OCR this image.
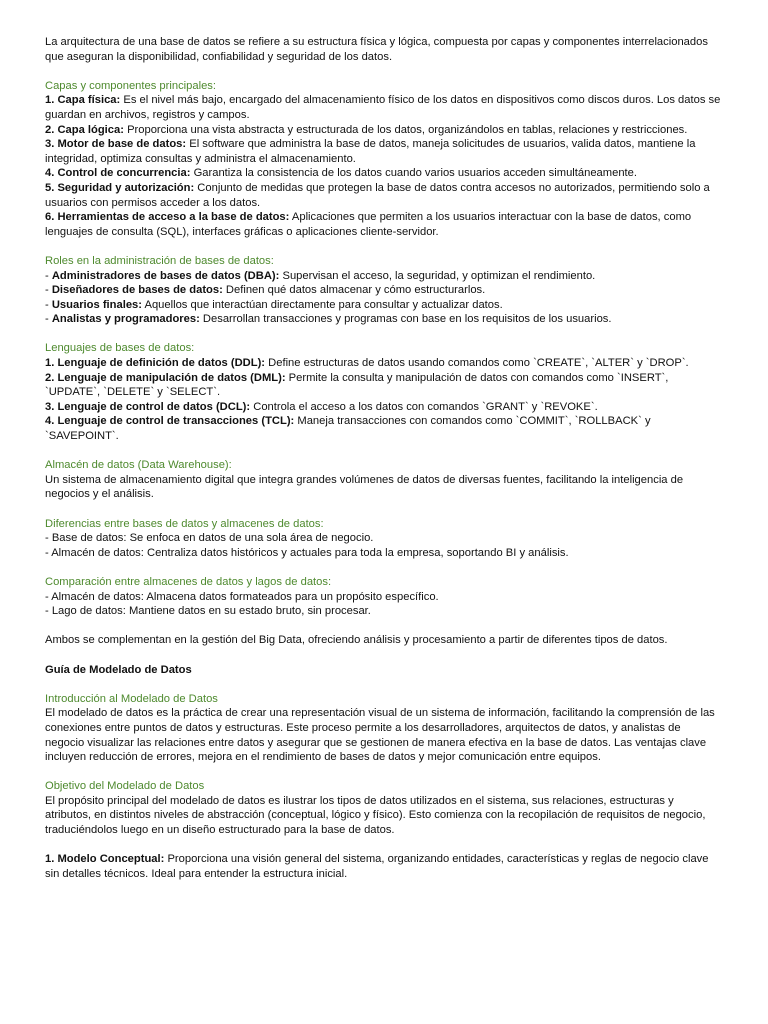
La arquitectura de una base de datos se refiere a su estructura física y lógica, compuesta por capas y componentes interrelacionados que aseguran la disponibilidad, confiabilidad y seguridad de los datos.

Capas y componentes principales:

1. Capa física: Es el nivel más bajo, encargado del almacenamiento físico de los datos en dispositivos como discos duros. Los datos se guardan en archivos, registros y campos.

2. Capa lógica: Proporciona una vista abstracta y estructurada de los datos, organizándolos en tablas, relaciones y restricciones.

3. Motor de base de datos: El software que administra la base de datos, maneja solicitudes de usuarios, valida datos, mantiene la integridad, optimiza consultas y administra el almacenamiento.

4. Control de concurrencia: Garantiza la consistencia de los datos cuando varios usuarios acceden simultáneamente.

5. Seguridad y autorización: Conjunto de medidas que protegen la base de datos contra accesos no autorizados, permitiendo solo a usuarios con permisos acceder a los datos.

6. Herramientas de acceso a la base de datos: Aplicaciones que permiten a los usuarios interactuar con la base de datos, como lenguajes de consulta (SQL), interfaces gráficas o aplicaciones cliente-servidor.

Roles en la administración de bases de datos:

- Administradores de bases de datos (DBA): Supervisan el acceso, la seguridad, y optimizan el rendimiento.

- Diseñadores de bases de datos: Definen qué datos almacenar y cómo estructurarlos.

- Usuarios finales: Aquellos que interactúan directamente para consultar y actualizar datos.

- Analistas y programadores: Desarrollan transacciones y programas con base en los requisitos de los usuarios.

Lenguajes de bases de datos:

1. Lenguaje de definición de datos (DDL): Define estructuras de datos usando comandos como `CREATE`, `ALTER` y `DROP`.

2. Lenguaje de manipulación de datos (DML): Permite la consulta y manipulación de datos con comandos como `INSERT`, `UPDATE`, `DELETE` y `SELECT`.

3. Lenguaje de control de datos (DCL): Controla el acceso a los datos con comandos `GRANT` y `REVOKE`.

4. Lenguaje de control de transacciones (TCL): Maneja transacciones con comandos como `COMMIT`, `ROLLBACK` y `SAVEPOINT`.

Almacén de datos (Data Warehouse):

Un sistema de almacenamiento digital que integra grandes volúmenes de datos de diversas fuentes, facilitando la inteligencia de negocios y el análisis.

Diferencias entre bases de datos y almacenes de datos:

- Base de datos: Se enfoca en datos de una sola área de negocio.

- Almacén de datos: Centraliza datos históricos y actuales para toda la empresa, soportando BI y análisis.

Comparación entre almacenes de datos y lagos de datos:

- Almacén de datos: Almacena datos formateados para un propósito específico.

- Lago de datos: Mantiene datos en su estado bruto, sin procesar.

Ambos se complementan en la gestión del Big Data, ofreciendo análisis y procesamiento a partir de diferentes tipos de datos.

Guía de Modelado de Datos

Introducción al Modelado de Datos

El modelado de datos es la práctica de crear una representación visual de un sistema de información, facilitando la comprensión de las conexiones entre puntos de datos y estructuras. Este proceso permite a los desarrolladores, arquitectos de datos, y analistas de negocio visualizar las relaciones entre datos y asegurar que se gestionen de manera efectiva en la base de datos. Las ventajas clave incluyen reducción de errores, mejora en el rendimiento de bases de datos y mejor comunicación entre equipos.

Objetivo del Modelado de Datos

El propósito principal del modelado de datos es ilustrar los tipos de datos utilizados en el sistema, sus relaciones, estructuras y atributos, en distintos niveles de abstracción (conceptual, lógico y físico). Esto comienza con la recopilación de requisitos de negocio, traduciéndolos luego en un diseño estructurado para la base de datos.

1. Modelo Conceptual: Proporciona una visión general del sistema, organizando entidades, características y reglas de negocio clave sin detalles técnicos. Ideal para entender la estructura inicial.
